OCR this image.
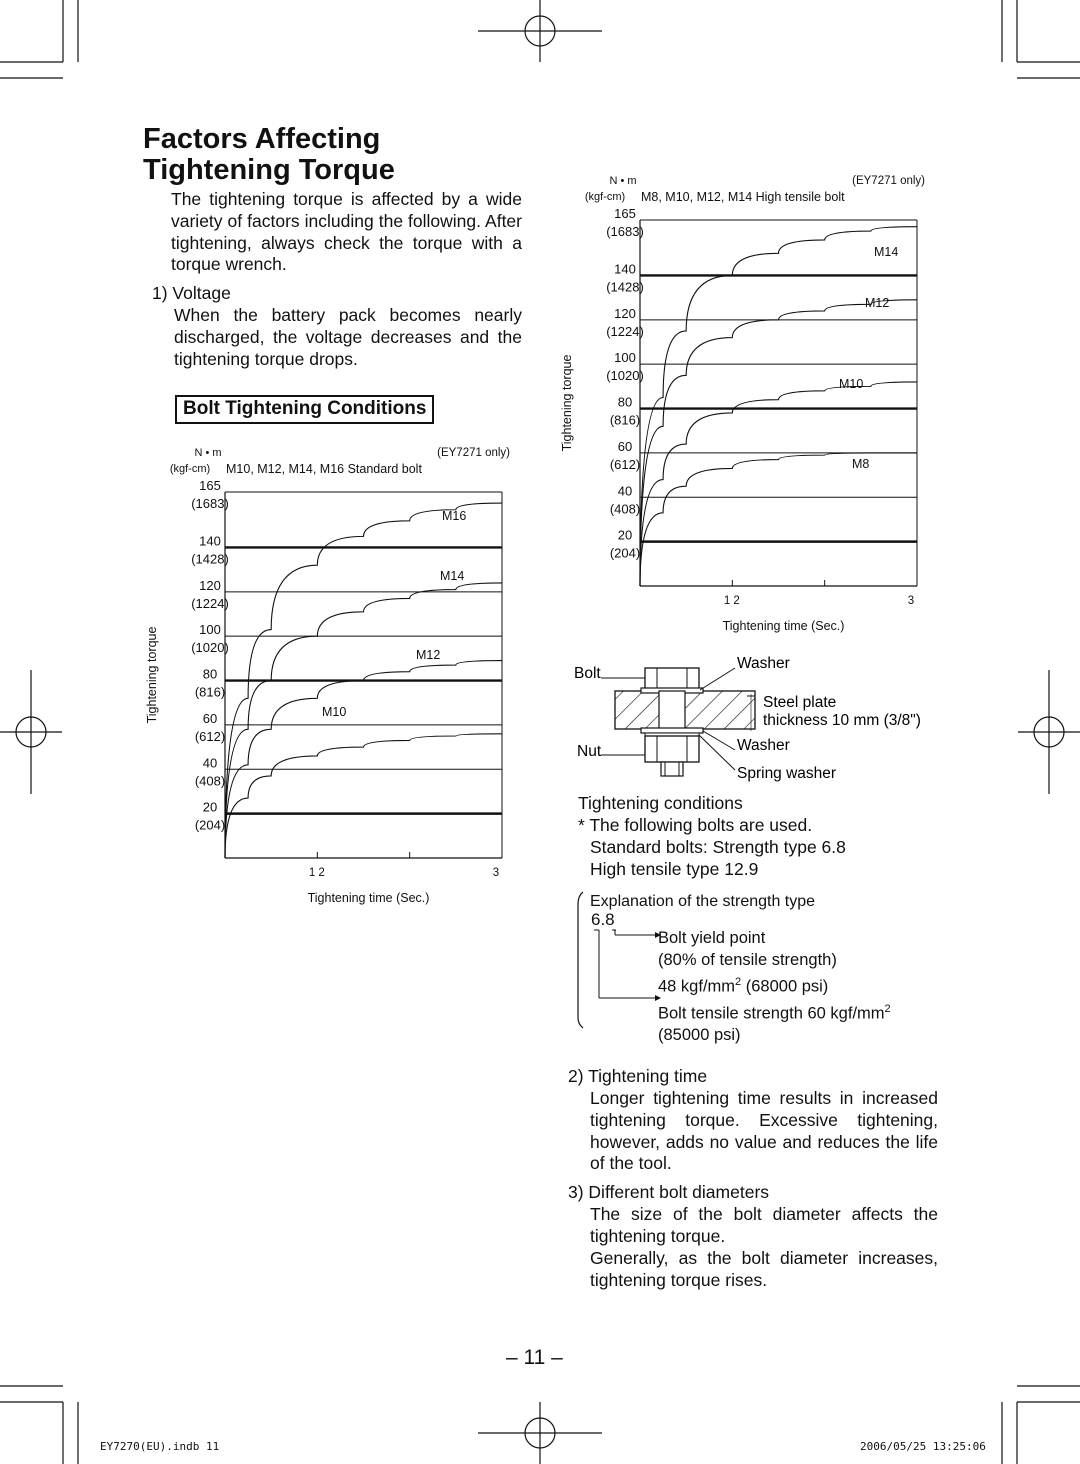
Factors Affecting
Tightening Torque
The tightening torque is affected by a wide variety of factors including the following. After tightening, always check the torque with a torque wrench.
1) Voltage
When the battery pack becomes nearly discharged, the voltage decreases and the tightening torque drops.
Bolt Tightening Conditions
165
(1683)
140
(1428)
120
(1224)
100
(1020)
80
(816)
60
(612)
40
(408)
20
(204)
1 2	3
N • m
(kgf-cm)
(EY7271 only)
M10, M12, M14, M16 Standard bolt
Tightening time (Sec.)
Tightening torque
M16
M14
M12
M10
165
(1683)
140
(1428)
120
(1224)
100
(1020)
80
(816)
60
(612)
40
(408)
20
(204)
1 2	3
N • m
(kgf-cm)
(EY7271 only)
M8, M10, M12, M14 High tensile bolt
Tightening time (Sec.)
Tightening torque
M14
M12
M10
M8
Bolt
Nut
Washer
Steel plate
thickness 10 mm (3/8")
Washer
Spring washer
Tightening conditions
* The following bolts are used.
Standard bolts: Strength type 6.8
High tensile type 12.9
Explanation of the strength type
6.8
Bolt yield point
(80% of tensile strength)
48 kgf/$mm^2$ (68000 psi)
Bolt tensile strength 60 kgf/$mm^2$
(85000 psi)
2) Tightening time
Longer tightening time results in increased tightening torque. Excessive tightening, however, adds no value and reduces the life of the tool.
3) Different bolt diameters
The size of the bolt diameter affects the tightening torque.
Generally, as the bolt diameter increases, tightening torque rises.
– 11 –
EY7270(EU).indb 11	2006/05/25 13:25:06
